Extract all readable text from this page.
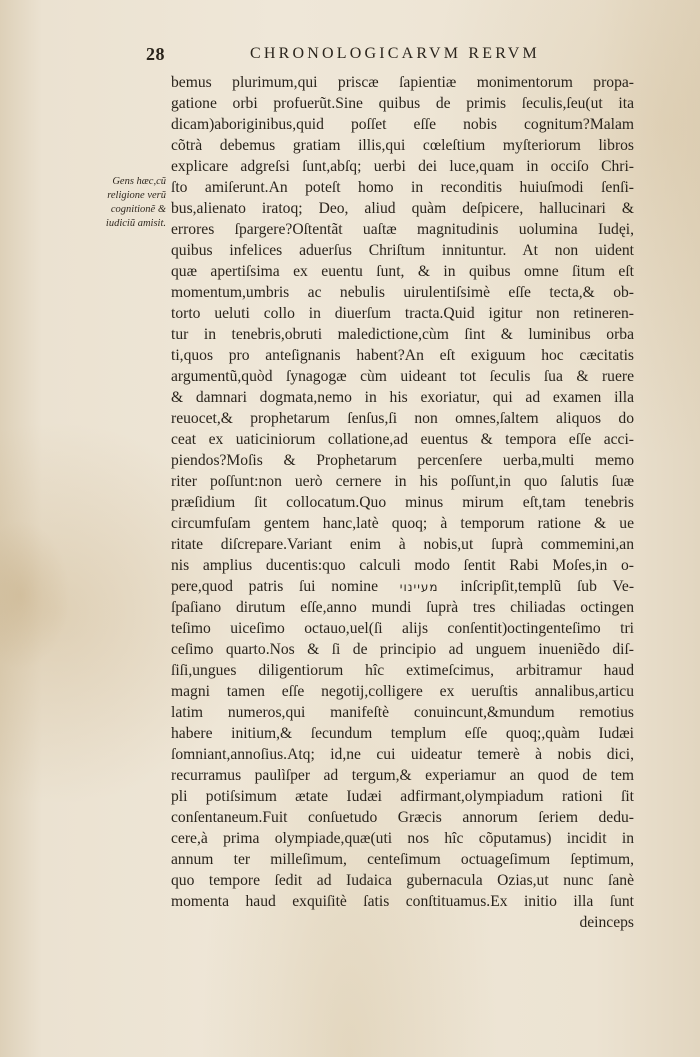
28	CHRONOLOGICARVM RERVM
Gens hæc,cũ
religione verũ
cognitionẽ &
iudiciũ amisit.
bemus plurimum,qui priscæ ſapientiæ monimentorum propa-
gatione orbi profuerũt.Sine quibus de primis ſeculis,ſeu(ut ita
dicam)aboriginibus,quid poſſet eſſe nobis cognitum?Malam
cõtrà debemus gratiam illis,qui cœleſtium myſteriorum libros
explicare adgreſsi ſunt,abſq; uerbi dei luce,quam in occiſo Chri-
ſto amiſerunt.An poteſt homo in reconditis huiuſmodi ſenſi-
bus,alienato iratoq; Deo, aliud quàm deſpicere, hallucinari &
errores ſpargere?Oſtentãt uaſtæ magnitudinis uolumina Iudęi,
quibus infelices aduerſus Chriſtum innituntur. At non uident
quæ apertiſsima ex euentu ſunt, & in quibus omne ſitum eſt
momentum,umbris ac nebulis uirulentiſsimè eſſe tecta,& ob-
torto ueluti collo in diuerſum tracta.Quid igitur non retineren-
tur in tenebris,obruti maledictione,cùm ſint & luminibus orba
ti,quos pro anteſignanis habent?An eſt exiguum hoc cæcitatis
argumentũ,quòd ſynagogæ cùm uideant tot ſeculis ſua & ruere
& damnari dogmata,nemo in his exoriatur, qui ad examen illa
reuocet,& prophetarum ſenſus,ſi non omnes,ſaltem aliquos do
ceat ex uaticiniorum collatione,ad euentus & tempora eſſe acci-
piendos?Moſis & Prophetarum percenſere uerba,multi memo
riter poſſunt:non uerò cernere in his poſſunt,in quo ſalutis ſuæ
præſidium ſit collocatum.Quo minus mirum eſt,tam tenebris
circumfuſam gentem hanc,latè quoq; à temporum ratione & ue
ritate diſcrepare.Variant enim à nobis,ut ſuprà commemini,an
nis amplius ducentis:quo calculi modo ſentit Rabi Moſes,in o-
pere,quod patris ſui nomine מעיינוי inſcripſit,templũ ſub Ve-
ſpaſiano dirutum eſſe,anno mundi ſuprà tres chiliadas octingen
teſimo uiceſimo octauo,uel(ſi alijs conſentit)octingenteſimo tri
ceſimo quarto.Nos & ſi de principio ad unguem inueniẽdo diſ-
ſiſi,ungues diligentiorum hîc extimeſcimus, arbitramur haud
magni tamen eſſe negotij,colligere ex ueruſtis annalibus,articu
latim numeros,qui manifeſtè conuincunt,&mundum remotius
habere initium,& ſecundum templum eſſe quoq;,quàm Iudæi
ſomniant,annoſius.Atq; id,ne cui uideatur temerè à nobis dici,
recurramus paulìſper ad tergum,& experiamur an quod de tem
pli potiſsimum ætate Iudæi adfirmant,olympiadum rationi ſit
conſentaneum.Fuit conſuetudo Græcis annorum ſeriem dedu-
cere,à prima olympiade,quæ(uti nos hîc cõputamus) incidit in
annum ter milleſimum, centeſimum octuageſimum ſeptimum,
quo tempore ſedit ad Iudaica gubernacula Ozias,ut nunc ſanè
momenta haud exquiſitè ſatis conſtituamus.Ex initio illa ſunt
deinceps
